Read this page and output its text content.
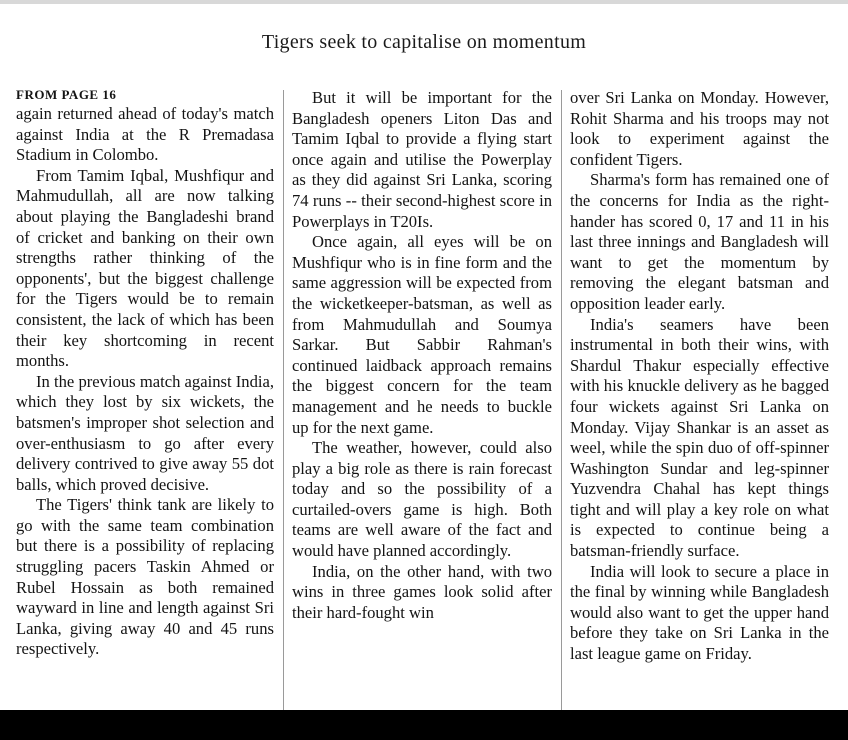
Tigers seek to capitalise on momentum
FROM PAGE 16

again returned ahead of today's match against India at the R Premadasa Stadium in Colombo.

From Tamim Iqbal, Mushfiqur and Mahmudullah, all are now talking about playing the Bangladeshi brand of cricket and banking on their own strengths rather thinking of the opponents', but the biggest challenge for the Tigers would be to remain consistent, the lack of which has been their key shortcoming in recent months.

In the previous match against India, which they lost by six wickets, the batsmen's improper shot selection and over-enthusiasm to go after every delivery contrived to give away 55 dot balls, which proved decisive.

The Tigers' think tank are likely to go with the same team combination but there is a possibility of replacing struggling pacers Taskin Ahmed or Rubel Hossain as both remained wayward in line and length against Sri Lanka, giving away 40 and 45 runs respectively.

But it will be important for the Bangladesh openers Liton Das and Tamim Iqbal to provide a flying start once again and utilise the Powerplay as they did against Sri Lanka, scoring 74 runs -- their second-highest score in Powerplays in T20Is.

Once again, all eyes will be on Mushfiqur who is in fine form and the same aggression will be expected from the wicketkeeper-batsman, as well as from Mahmudullah and Soumya Sarkar. But Sabbir Rahman's continued laidback approach remains the biggest concern for the team management and he needs to buckle up for the next game.

The weather, however, could also play a big role as there is rain forecast today and so the possibility of a curtailed-overs game is high. Both teams are well aware of the fact and would have planned accordingly.

India, on the other hand, with two wins in three games look solid after their hard-fought win

over Sri Lanka on Monday. However, Rohit Sharma and his troops may not look to experiment against the confident Tigers.

Sharma's form has remained one of the concerns for India as the right-hander has scored 0, 17 and 11 in his last three innings and Bangladesh will want to get the momentum by removing the elegant batsman and opposition leader early.

India's seamers have been instrumental in both their wins, with Shardul Thakur especially effective with his knuckle delivery as he bagged four wickets against Sri Lanka on Monday. Vijay Shankar is an asset as weel, while the spin duo of off-spinner Washington Sundar and leg-spinner Yuzvendra Chahal has kept things tight and will play a key role on what is expected to continue being a batsman-friendly surface.

India will look to secure a place in the final by winning while Bangladesh would also want to get the upper hand before they take on Sri Lanka in the last league game on Friday.
